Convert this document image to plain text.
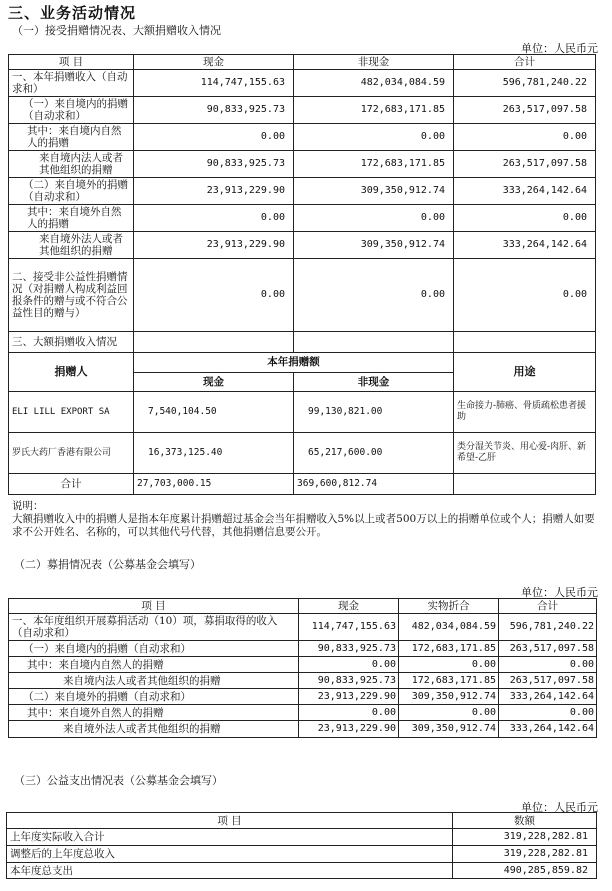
三、业务活动情况
（一）接受捐赠情况表、大额捐赠收入情况
单位：人民币元
项 目	现金	非现金	合计
一、本年捐赠收入（自动求和）	114,747,155.63	482,034,084.59	596,781,240.22
（一）来自境内的捐赠（自动求和）	90,833,925.73	172,683,171.85	263,517,097.58
其中：来自境内自然人的捐赠	0.00	0.00	0.00
来自境内法人或者其他组织的捐赠	90,833,925.73	172,683,171.85	263,517,097.58
（二）来自境外的捐赠（自动求和）	23,913,229.90	309,350,912.74	333,264,142.64
其中：来自境外自然人的捐赠	0.00	0.00	0.00
来自境外法人或者其他组织的捐赠	23,913,229.90	309,350,912.74	333,264,142.64
二、接受非公益性捐赠情况（对捐赠人构成利益回报条件的赠与或不符合公益性目的赠与）	0.00	0.00	0.00
三、大额捐赠收入情况			
捐赠人	本年捐赠额		用途
	现金	非现金	
ELI LILL EXPORT SA	7,540,104.50	99,130,821.00	生命接力-肺癌、骨质疏松患者援助
罗氏大药厂香港有限公司	16,373,125.40	65,217,600.00	类分湿关节炎、用心爱-肉肝、新希望-乙肝
合计	27,703,000.15	369,600,812.74	
说明：
大额捐赠收入中的捐赠人是指本年度累计捐赠超过基金会当年捐赠收入5%以上或者500万以上的捐赠单位或个人；捐赠人如要求不公开姓名、名称的，可以其他代号代替，其他捐赠信息要公开。
（二）募捐情况表（公募基金会填写）
单位：人民币元
项 目	现金	实物折合	合计
一、本年度组织开展募捐活动（10）项，募捐取得的收入（自动求和）	114,747,155.63	482,034,084.59	596,781,240.22
（一）来自境内的捐赠（自动求和）	90,833,925.73	172,683,171.85	263,517,097.58
其中：来自境内自然人的捐赠	0.00	0.00	0.00
来自境内法人或者其他组织的捐赠	90,833,925.73	172,683,171.85	263,517,097.58
（二）来自境外的捐赠（自动求和）	23,913,229.90	309,350,912.74	333,264,142.64
其中：来自境外自然人的捐赠	0.00	0.00	0.00
来自境外法人或者其他组织的捐赠	23,913,229.90	309,350,912.74	333,264,142.64
（三）公益支出情况表（公募基金会填写）
单位：人民币元
项 目	数额
上年度实际收入合计	319,228,282.81
调整后的上年度总收入	319,228,282.81
本年度总支出	490,285,859.82
